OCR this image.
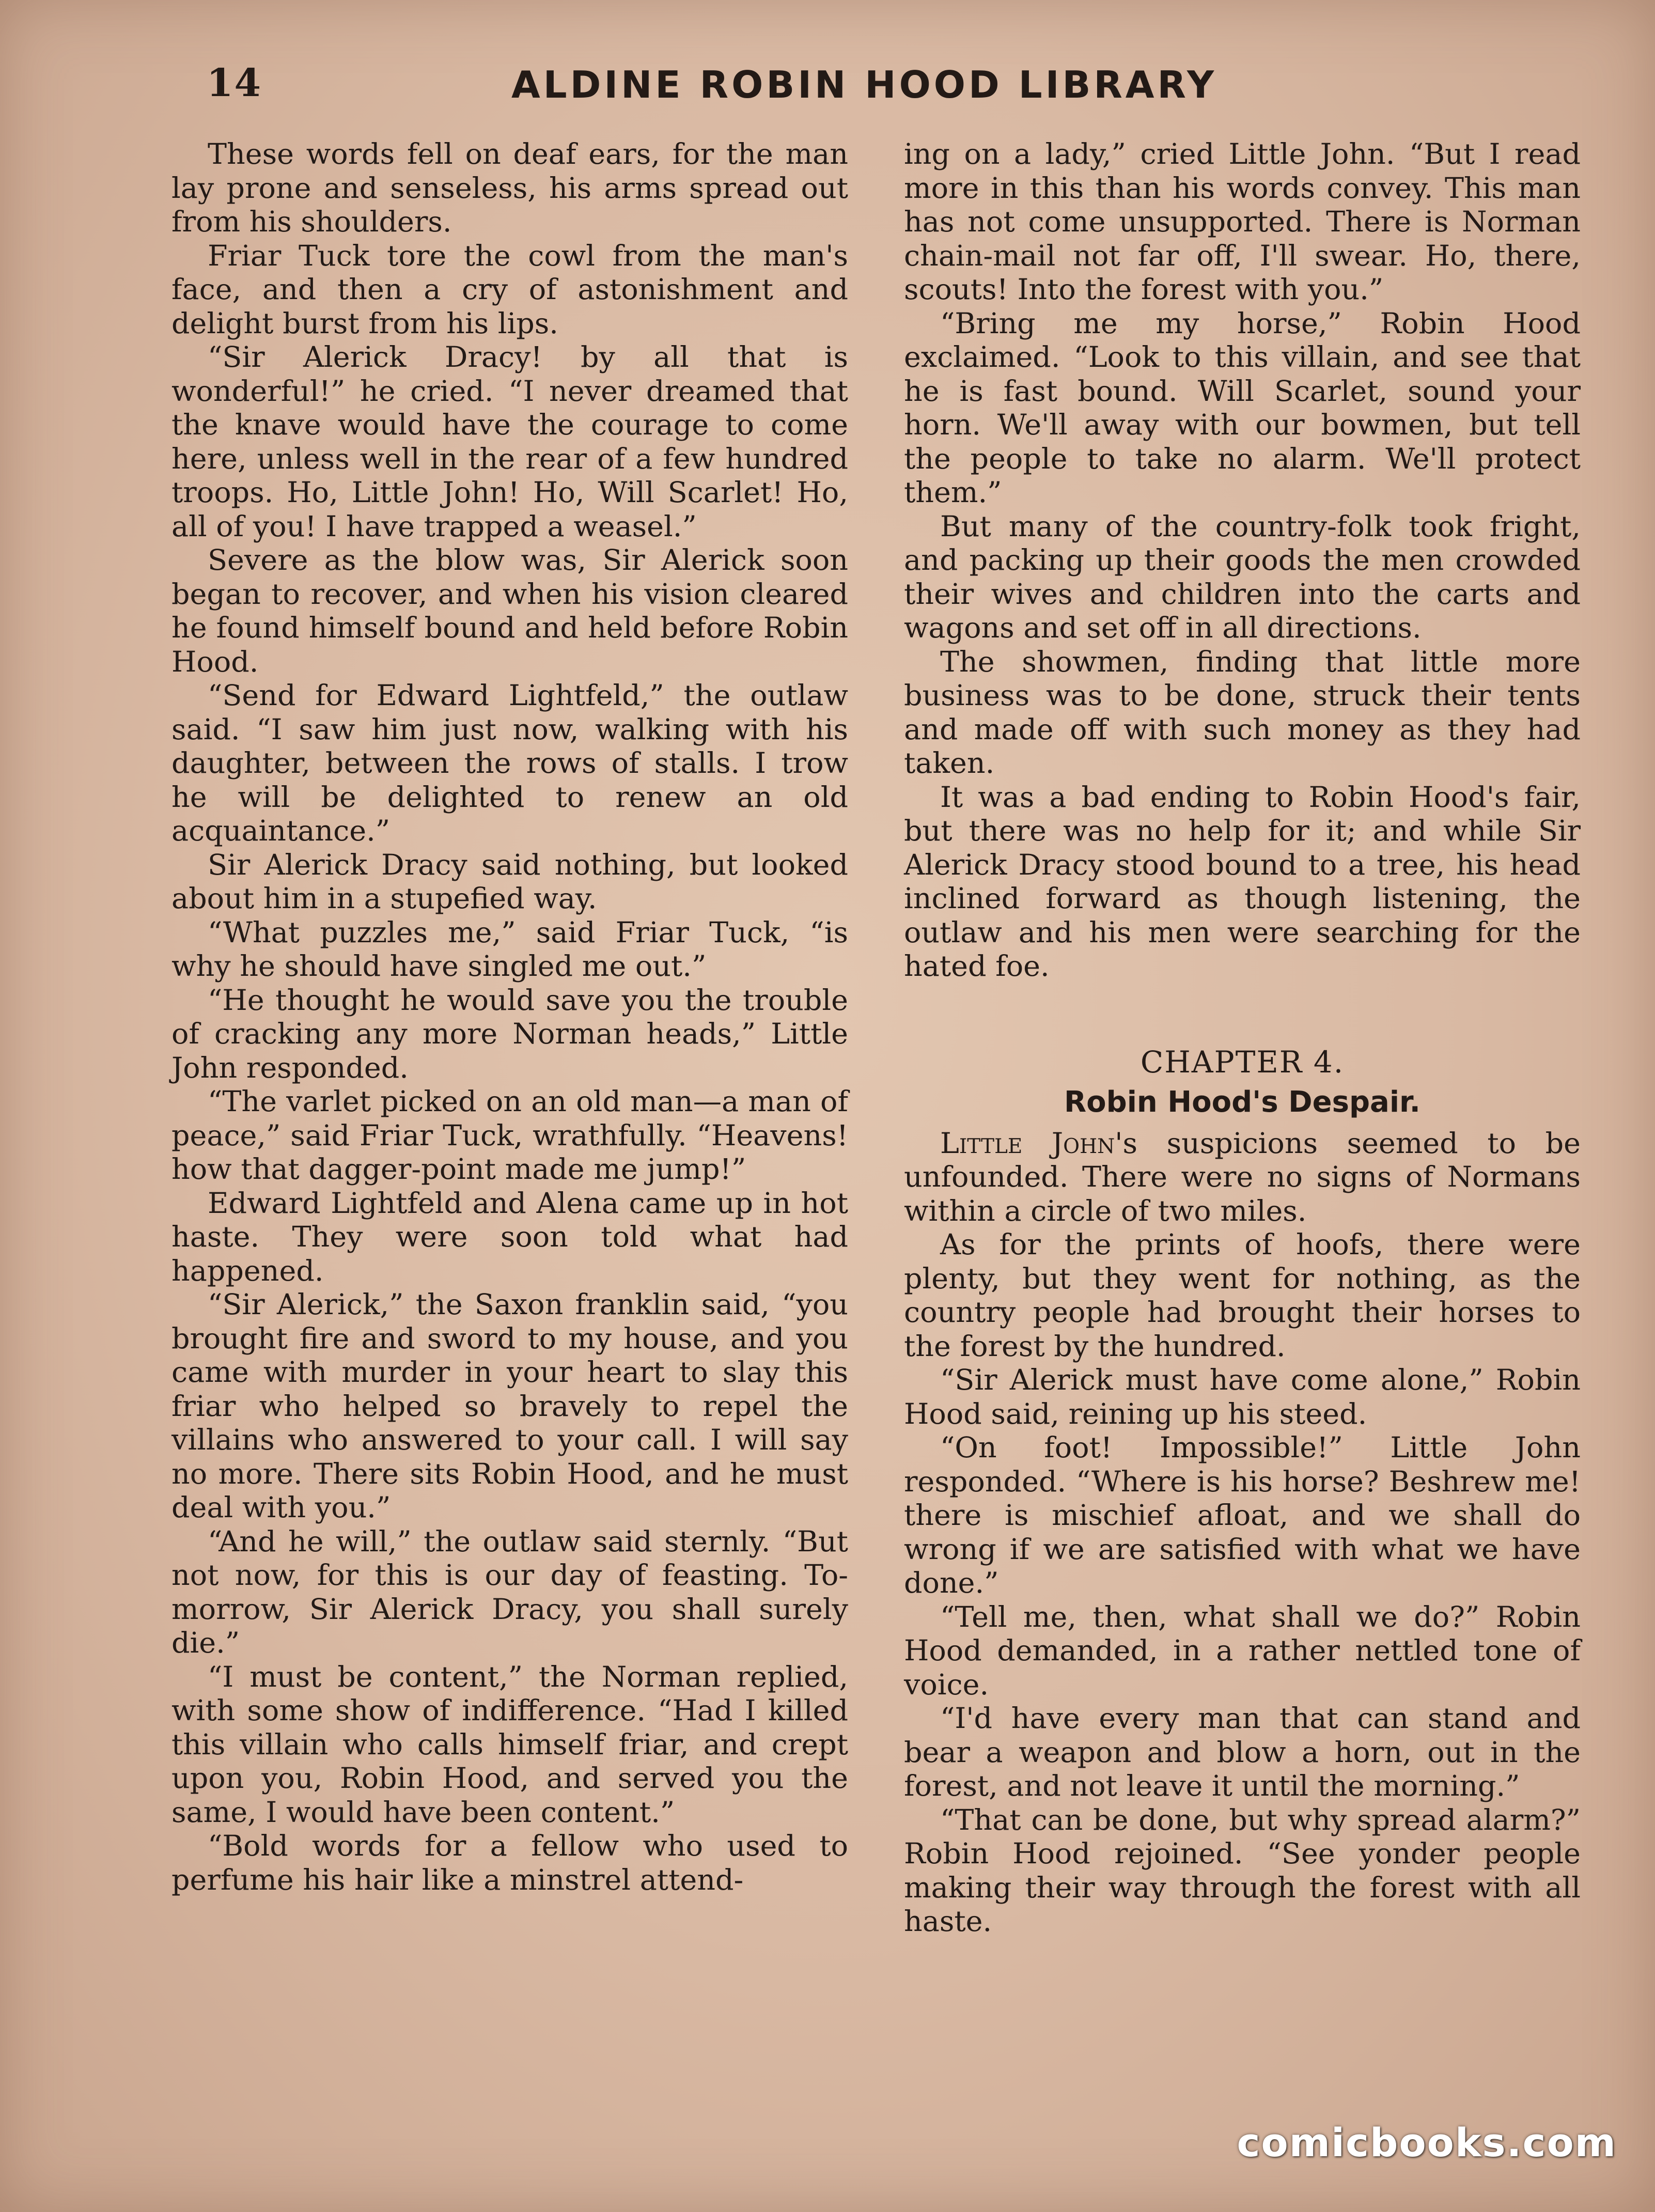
14	ALDINE ROBIN HOOD LIBRARY

These words fell on deaf ears, for the man lay prone and senseless, his arms spread out from his shoulders.

Friar Tuck tore the cowl from the man's face, and then a cry of astonishment and delight burst from his lips.

“Sir Alerick Dracy! by all that is wonderful!” he cried. “I never dreamed that the knave would have the courage to come here, unless well in the rear of a few hundred troops. Ho, Little John! Ho, Will Scarlet! Ho, all of you! I have trapped a weasel.”

Severe as the blow was, Sir Alerick soon began to recover, and when his vision cleared he found himself bound and held before Robin Hood.

“Send for Edward Lightfeld,” the outlaw said. “I saw him just now, walking with his daughter, between the rows of stalls. I trow he will be delighted to renew an old acquaintance.”

Sir Alerick Dracy said nothing, but looked about him in a stupefied way.

“What puzzles me,” said Friar Tuck, “is why he should have singled me out.”

“He thought he would save you the trouble of cracking any more Norman heads,” Little John responded.

“The varlet picked on an old man—a man of peace,” said Friar Tuck, wrathfully. “Heavens! how that dagger-point made me jump!”

Edward Lightfeld and Alena came up in hot haste. They were soon told what had happened.

“Sir Alerick,” the Saxon franklin said, “you brought fire and sword to my house, and you came with murder in your heart to slay this friar who helped so bravely to repel the villains who answered to your call. I will say no more. There sits Robin Hood, and he must deal with you.”

“And he will,” the outlaw said sternly. “But not now, for this is our day of feasting. To-morrow, Sir Alerick Dracy, you shall surely die.”

“I must be content,” the Norman replied, with some show of indifference. “Had I killed this villain who calls himself friar, and crept upon you, Robin Hood, and served you the same, I would have been content.”

“Bold words for a fellow who used to perfume his hair like a minstrel attend-

ing on a lady,” cried Little John. “But I read more in this than his words convey. This man has not come unsupported. There is Norman chain-mail not far off, I'll swear. Ho, there, scouts! Into the forest with you.”

“Bring me my horse,” Robin Hood exclaimed. “Look to this villain, and see that he is fast bound. Will Scarlet, sound your horn. We'll away with our bowmen, but tell the people to take no alarm. We'll protect them.”

But many of the country-folk took fright, and packing up their goods the men crowded their wives and children into the carts and wagons and set off in all directions.

The showmen, finding that little more business was to be done, struck their tents and made off with such money as they had taken.

It was a bad ending to Robin Hood's fair, but there was no help for it; and while Sir Alerick Dracy stood bound to a tree, his head inclined forward as though listening, the outlaw and his men were searching for the hated foe.

CHAPTER 4.
Robin Hood's Despair.

Little John's suspicions seemed to be unfounded. There were no signs of Normans within a circle of two miles.

As for the prints of hoofs, there were plenty, but they went for nothing, as the country people had brought their horses to the forest by the hundred.

“Sir Alerick must have come alone,” Robin Hood said, reining up his steed.

“On foot! Impossible!” Little John responded. “Where is his horse? Beshrew me! there is mischief afloat, and we shall do wrong if we are satisfied with what we have done.”

“Tell me, then, what shall we do?” Robin Hood demanded, in a rather nettled tone of voice.

“I'd have every man that can stand and bear a weapon and blow a horn, out in the forest, and not leave it until the morning.”

“That can be done, but why spread alarm?” Robin Hood rejoined. “See yonder people making their way through the forest with all haste.

comicbooks.com
